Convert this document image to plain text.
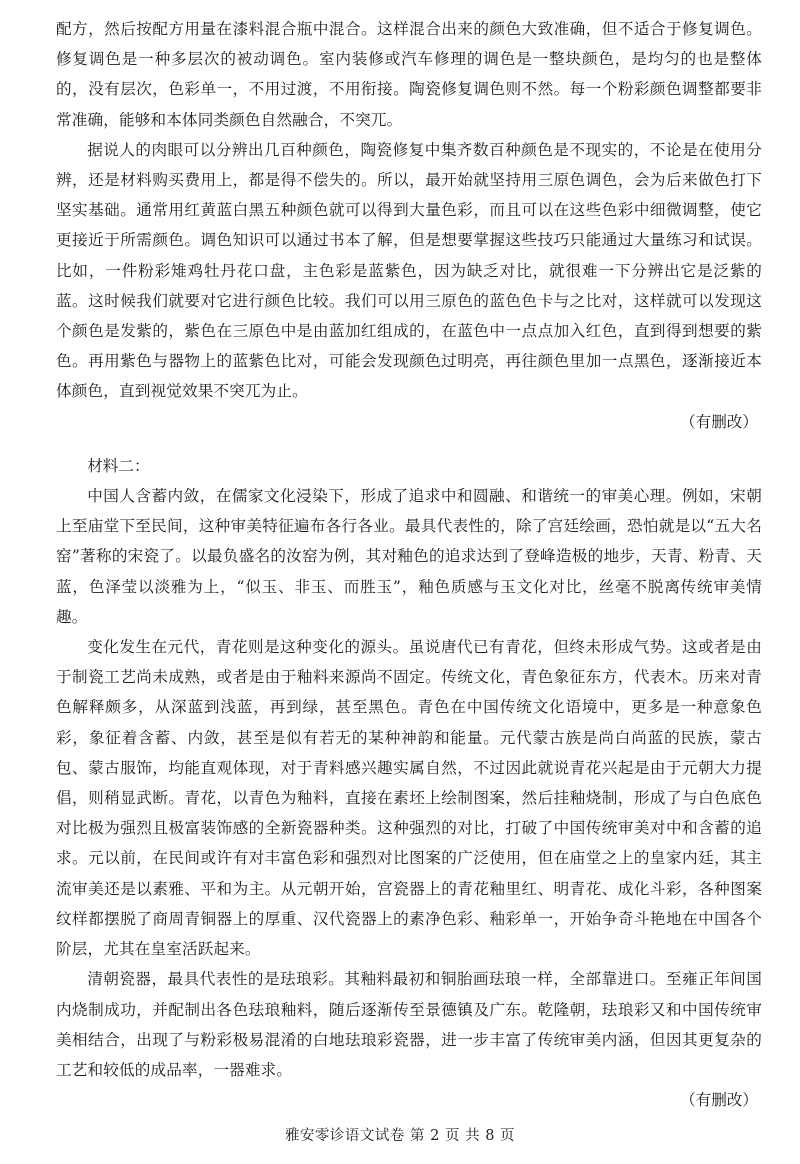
配方，然后按配方用量在漆料混合瓶中混合。这样混合出来的颜色大致准确，但不适合于修复调色。修复调色是一种多层次的被动调色。室内装修或汽车修理的调色是一整块颜色，是均匀的也是整体的，没有层次，色彩单一，不用过渡，不用衔接。陶瓷修复调色则不然。每一个粉彩颜色调整都要非常准确，能够和本体同类颜色自然融合，不突兀。

据说人的肉眼可以分辨出几百种颜色，陶瓷修复中集齐数百种颜色是不现实的，不论是在使用分辨，还是材料购买费用上，都是得不偿失的。所以，最开始就坚持用三原色调色，会为后来做色打下坚实基础。通常用红黄蓝白黑五种颜色就可以得到大量色彩，而且可以在这些色彩中细微调整，使它更接近于所需颜色。调色知识可以通过书本了解，但是想要掌握这些技巧只能通过大量练习和试误。比如，一件粉彩雉鸡牡丹花口盘，主色彩是蓝紫色，因为缺乏对比，就很难一下分辨出它是泛紫的蓝。这时候我们就要对它进行颜色比较。我们可以用三原色的蓝色色卡与之比对，这样就可以发现这个颜色是发紫的，紫色在三原色中是由蓝加红组成的，在蓝色中一点点加入红色，直到得到想要的紫色。再用紫色与器物上的蓝紫色比对，可能会发现颜色过明亮，再往颜色里加一点黑色，逐渐接近本体颜色，直到视觉效果不突兀为止。

（有删改）

材料二：

中国人含蓄内敛，在儒家文化浸染下，形成了追求中和圆融、和谐统一的审美心理。例如，宋朝上至庙堂下至民间，这种审美特征遍布各行各业。最具代表性的，除了宫廷绘画，恐怕就是以“五大名窑”著称的宋瓷了。以最负盛名的汝窑为例，其对釉色的追求达到了登峰造极的地步，天青、粉青、天蓝，色泽莹以淡雅为上，“似玉、非玉、而胜玉”，釉色质感与玉文化对比，丝毫不脱离传统审美情趣。

变化发生在元代，青花则是这种变化的源头。虽说唐代已有青花，但终未形成气势。这或者是由于制瓷工艺尚未成熟，或者是由于釉料来源尚不固定。传统文化，青色象征东方，代表木。历来对青色解释颇多，从深蓝到浅蓝，再到绿，甚至黑色。青色在中国传统文化语境中，更多是一种意象色彩，象征着含蓄、内敛，甚至是似有若无的某种神韵和能量。元代蒙古族是尚白尚蓝的民族，蒙古包、蒙古服饰，均能直观体现，对于青料感兴趣实属自然，不过因此就说青花兴起是由于元朝大力提倡，则稍显武断。青花，以青色为釉料，直接在素坯上绘制图案，然后挂釉烧制，形成了与白色底色对比极为强烈且极富装饰感的全新瓷器种类。这种强烈的对比，打破了中国传统审美对中和含蓄的追求。元以前，在民间或许有对丰富色彩和强烈对比图案的广泛使用，但在庙堂之上的皇家内廷，其主流审美还是以素雅、平和为主。从元朝开始，宫瓷器上的青花釉里红、明青花、成化斗彩，各种图案纹样都摆脱了商周青铜器上的厚重、汉代瓷器上的素净色彩、釉彩单一，开始争奇斗艳地在中国各个阶层，尤其在皇室活跃起来。

清朝瓷器，最具代表性的是珐琅彩。其釉料最初和铜胎画珐琅一样，全部靠进口。至雍正年间国内烧制成功，并配制出各色珐琅釉料，随后逐渐传至景德镇及广东。乾隆朝，珐琅彩又和中国传统审美相结合，出现了与粉彩极易混淆的白地珐琅彩瓷器，进一步丰富了传统审美内涵，但因其更复杂的工艺和较低的成品率，一器难求。

（有删改）

雅安零诊语文试卷 第 2 页 共 8 页
